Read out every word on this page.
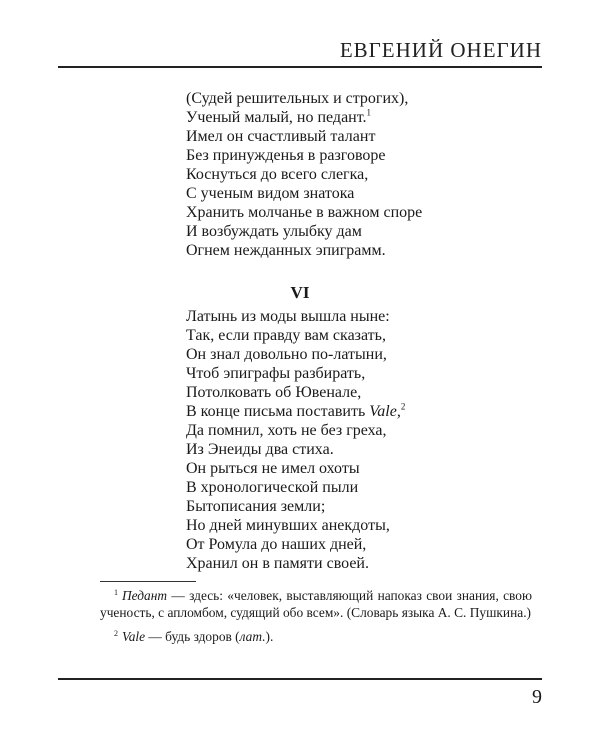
ЕВГЕНИЙ ОНЕГИН
(Судей решительных и строгих),
Ученый малый, но педант.$^1$
Имел он счастливый талант
Без принужденья в разговоре
Коснуться до всего слегка,
С ученым видом знатока
Хранить молчанье в важном споре
И возбуждать улыбку дам
Огнем нежданных эпиграмм.
VI
Латынь из моды вышла ныне:
Так, если правду вам сказать,
Он знал довольно по-латыни,
Чтоб эпиграфы разбирать,
Потолковать об Ювенале,
В конце письма поставить Vale,$^2$
Да помнил, хоть не без греха,
Из Энеиды два стиха.
Он рыться не имел охоты
В хронологической пыли
Бытописания земли;
Но дней минувших анекдоты,
От Ромула до наших дней,
Хранил он в памяти своей.

$^1$ Педант — здесь: «человек, выставляющий напоказ свои знания, свою ученость, с апломбом, судящий обо всем». (Словарь языка А. С. Пушкина.)

$^2$ Vale — будь здоров (лат.).

9
